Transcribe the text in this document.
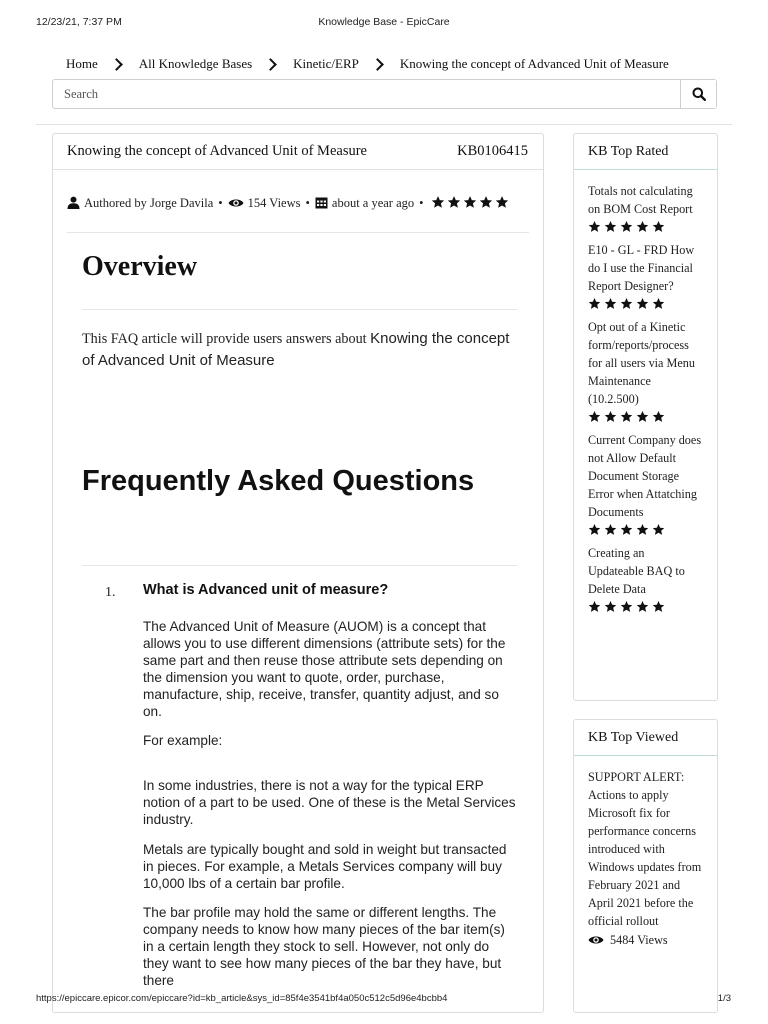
12/23/21, 7:37 PM	Knowledge Base - EpicCare
Home	All Knowledge Bases	Kinetic/ERP	Knowing the concept of Advanced Unit of Measure
Search
Knowing the concept of Advanced Unit of Measure	KB0106415
Authored by Jorge Davila • 154 Views • about a year ago •
Overview

This FAQ article will provide users answers about Knowing the concept of Advanced Unit of Measure

Frequently Asked Questions
1. What is Advanced unit of measure?

The Advanced Unit of Measure (AUOM) is a concept that allows you to use different dimensions (attribute sets) for the same part and then reuse those attribute sets depending on the dimension you want to quote, order, purchase, manufacture, ship, receive, transfer, quantity adjust, and so on.

For example:

In some industries, there is not a way for the typical ERP notion of a part to be used. One of these is the Metal Services industry.

Metals are typically bought and sold in weight but transacted in pieces. For example, a Metals Services company will buy 10,000 lbs of a certain bar profile.

The bar profile may hold the same or different lengths. The company needs to know how many pieces of the bar item(s) in a certain length they stock to sell. However, not only do they want to see how many pieces of the bar they have, but there

KB Top Rated
Totals not calculating on BOM Cost Report
E10 - GL - FRD How do I use the Financial Report Designer?
Opt out of a Kinetic form/reports/process for all users via Menu Maintenance (10.2.500)
Current Company does not Allow Default Document Storage Error when Attatching Documents
Creating an Updateable BAQ to Delete Data
KB Top Viewed
SUPPORT ALERT: Actions to apply Microsoft fix for performance concerns introduced with Windows updates from February 2021 and April 2021 before the official rollout
5484 Views
https://epiccare.epicor.com/epiccare?id=kb_article&sys_id=85f4e3541bf4a050c512c5d96e4bcbb4	1/3
